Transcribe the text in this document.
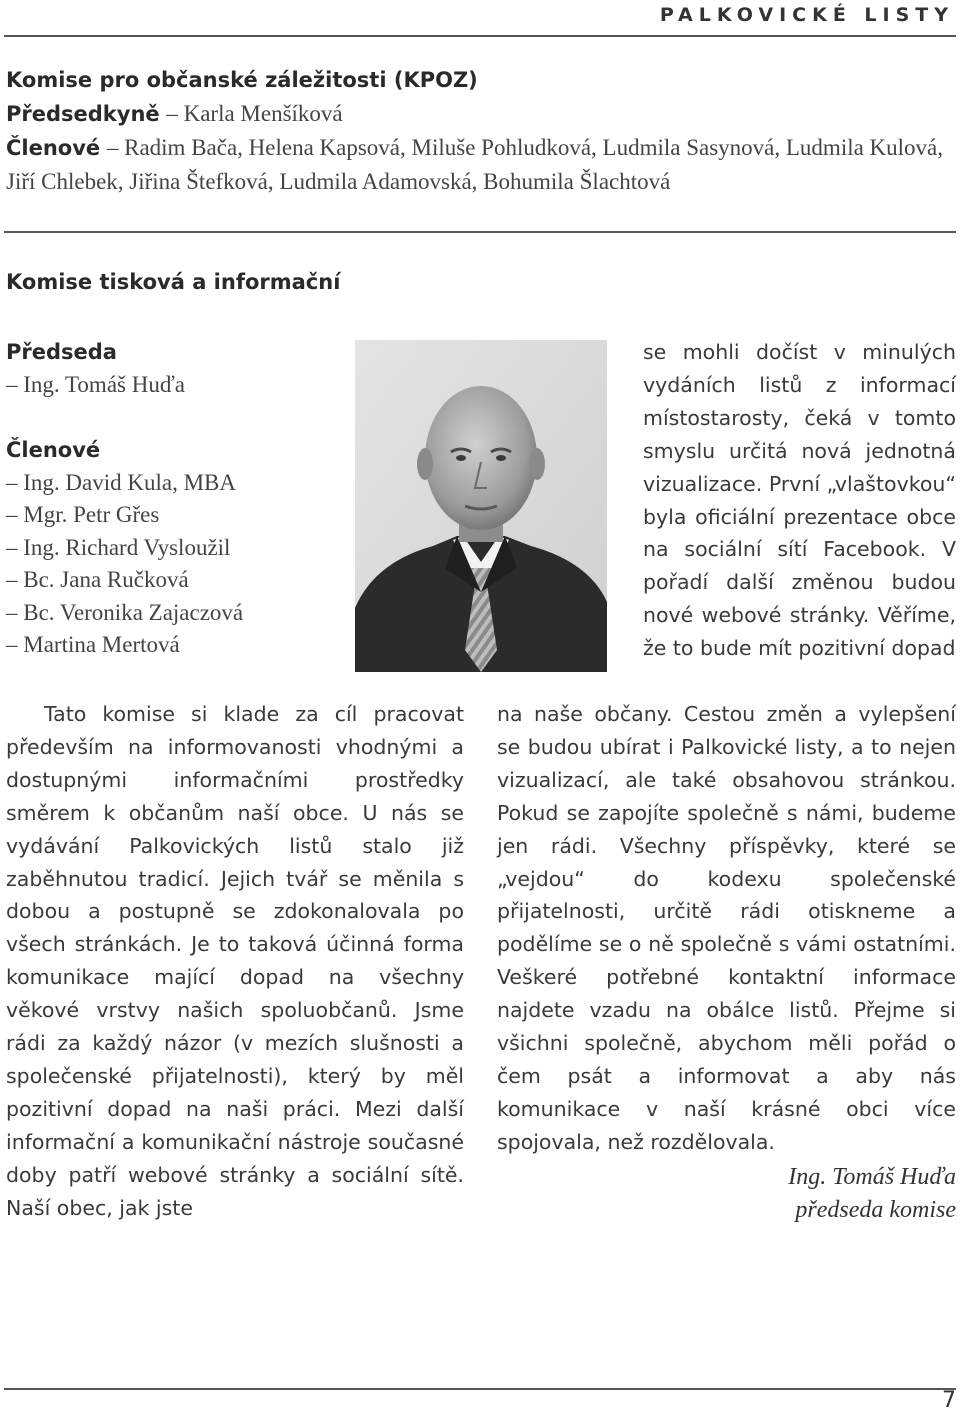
PALKOVICKÉ LISTY
Komise pro občanské záležitosti (KPOZ)
Předsedkyně – Karla Menšíková
Členové – Radim Bača, Helena Kapsová, Miluše Pohludková, Ludmila Sasynová, Ludmila Kulová, Jiří Chlebek, Jiřina Štefková, Ludmila Adamovská, Bohumila Šlachtová
Komise tisková a informační
Předseda
– Ing. Tomáš Huďa
Členové
– Ing. David Kula, MBA
– Mgr. Petr Gřes
– Ing. Richard Vysloužil
– Bc. Jana Ručková
– Bc. Veronika Zajaczová
– Martina Mertová

Tato komise si klade za cíl pracovat především na informovanosti vhodnými a dostupnými informačními prostředky směrem k občanům naší obce. U nás se vydávání Palkovických listů stalo již zaběhnutou tradicí. Jejich tvář se měnila s dobou a postupně se zdokonalovala po všech stránkách. Je to taková účinná forma komunikace mající dopad na všechny věkové vrstvy našich spoluobčanů. Jsme rádi za každý názor (v mezích slušnosti a společenské přijatelnosti), který by měl pozitivní dopad na naši práci. Mezi další informační a komunikační nástroje současné doby patří webové stránky a sociální sítě. Naší obec, jak jste

se mohli dočíst v minulých vydáních listů z informací místostarosty, čeká v tomto smyslu určitá nová jednotná vizualizace. První „vlaštovkou“ byla oficiální prezentace obce na sociální sítí Facebook. V pořadí další změnou budou nové webové stránky. Věříme, že to bude mít pozitivní dopad

na naše občany. Cestou změn a vylepšení se budou ubírat i Palkovické listy, a to nejen vizualizací, ale také obsahovou stránkou. Pokud se zapojíte společně s námi, budeme jen rádi. Všechny příspěvky, které se „vejdou“ do kodexu společenské přijatelnosti, určitě rádi otiskneme a podělíme se o ně společně s vámi ostatními. Veškeré potřebné kontaktní informace najdete vzadu na obálce listů. Přejme si všichni společně, abychom měli pořád o čem psát a informovat a aby nás komunikace v naší krásné obci více spojovala, než rozdělovala.

Ing. Tomáš Huďa
předseda komise
7
